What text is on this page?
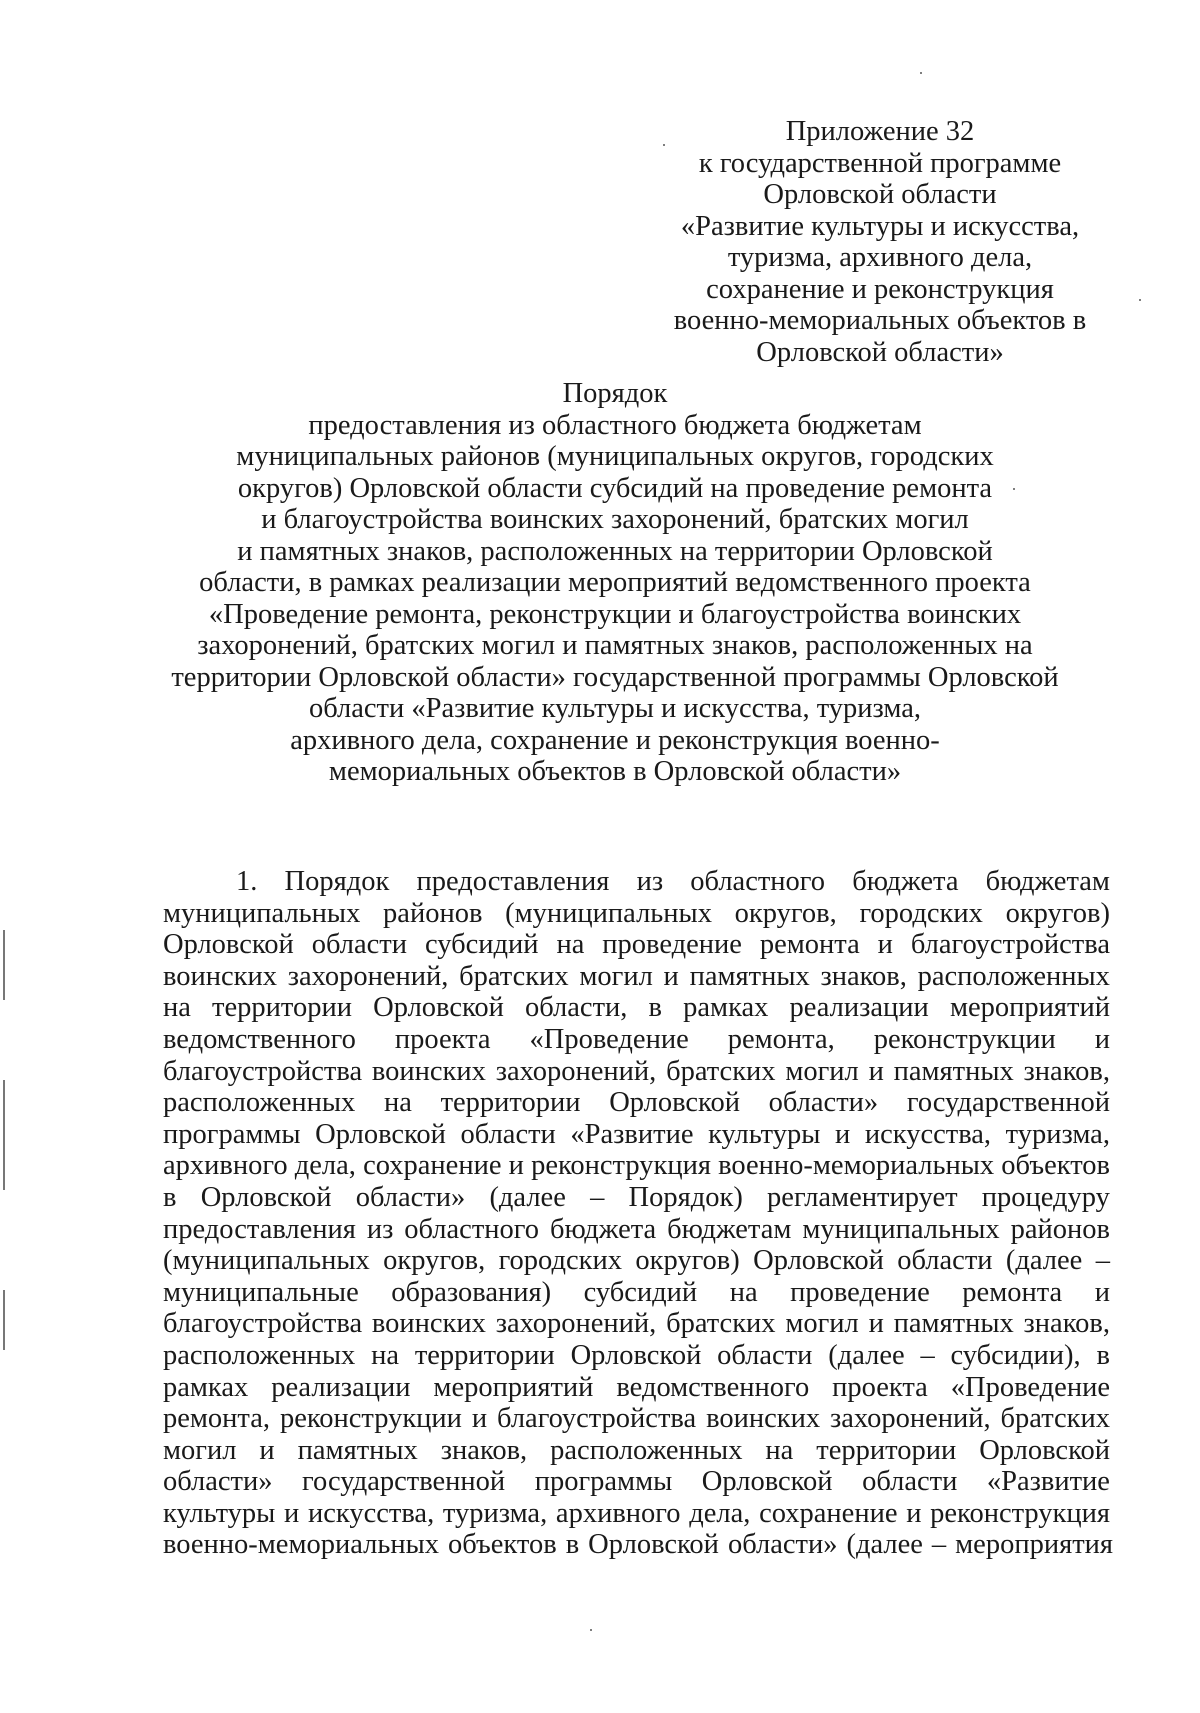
Приложение 32
к государственной программе
Орловской области
«Развитие культуры и искусства,
туризма, архивного дела,
сохранение и реконструкция
военно-мемориальных объектов в
Орловской области»
Порядок
предоставления из областного бюджета бюджетам
муниципальных районов (муниципальных округов, городских
округов) Орловской области субсидий на проведение ремонта
и благоустройства воинских захоронений, братских могил
и памятных знаков, расположенных на территории Орловской
области, в рамках реализации мероприятий ведомственного проекта
«Проведение ремонта, реконструкции и благоустройства воинских
захоронений, братских могил и памятных знаков, расположенных на
территории Орловской области» государственной программы Орловской
области «Развитие культуры и искусства, туризма,
архивного дела, сохранение и реконструкция военно-
мемориальных объектов в Орловской области»
1. Порядок предоставления из областного бюджета бюджетам
муниципальных районов (муниципальных округов, городских округов)
Орловской области субсидий на проведение ремонта и благоустройства
воинских захоронений, братских могил и памятных знаков, расположенных
на территории Орловской области, в рамках реализации мероприятий
ведомственного проекта «Проведение ремонта, реконструкции и
благоустройства воинских захоронений, братских могил и памятных знаков,
расположенных на территории Орловской области» государственной
программы Орловской области «Развитие культуры и искусства, туризма,
архивного дела, сохранение и реконструкция военно-мемориальных объектов
в Орловской области» (далее – Порядок) регламентирует процедуру
предоставления из областного бюджета бюджетам муниципальных районов
(муниципальных округов, городских округов) Орловской области (далее –
муниципальные образования) субсидий на проведение ремонта и
благоустройства воинских захоронений, братских могил и памятных знаков,
расположенных на территории Орловской области (далее – субсидии), в
рамках реализации мероприятий ведомственного проекта «Проведение
ремонта, реконструкции и благоустройства воинских захоронений, братских
могил и памятных знаков, расположенных на территории Орловской
области» государственной программы Орловской области «Развитие
культуры и искусства, туризма, архивного дела, сохранение и реконструкция
военно-мемориальных объектов в Орловской области» (далее – мероприятия
